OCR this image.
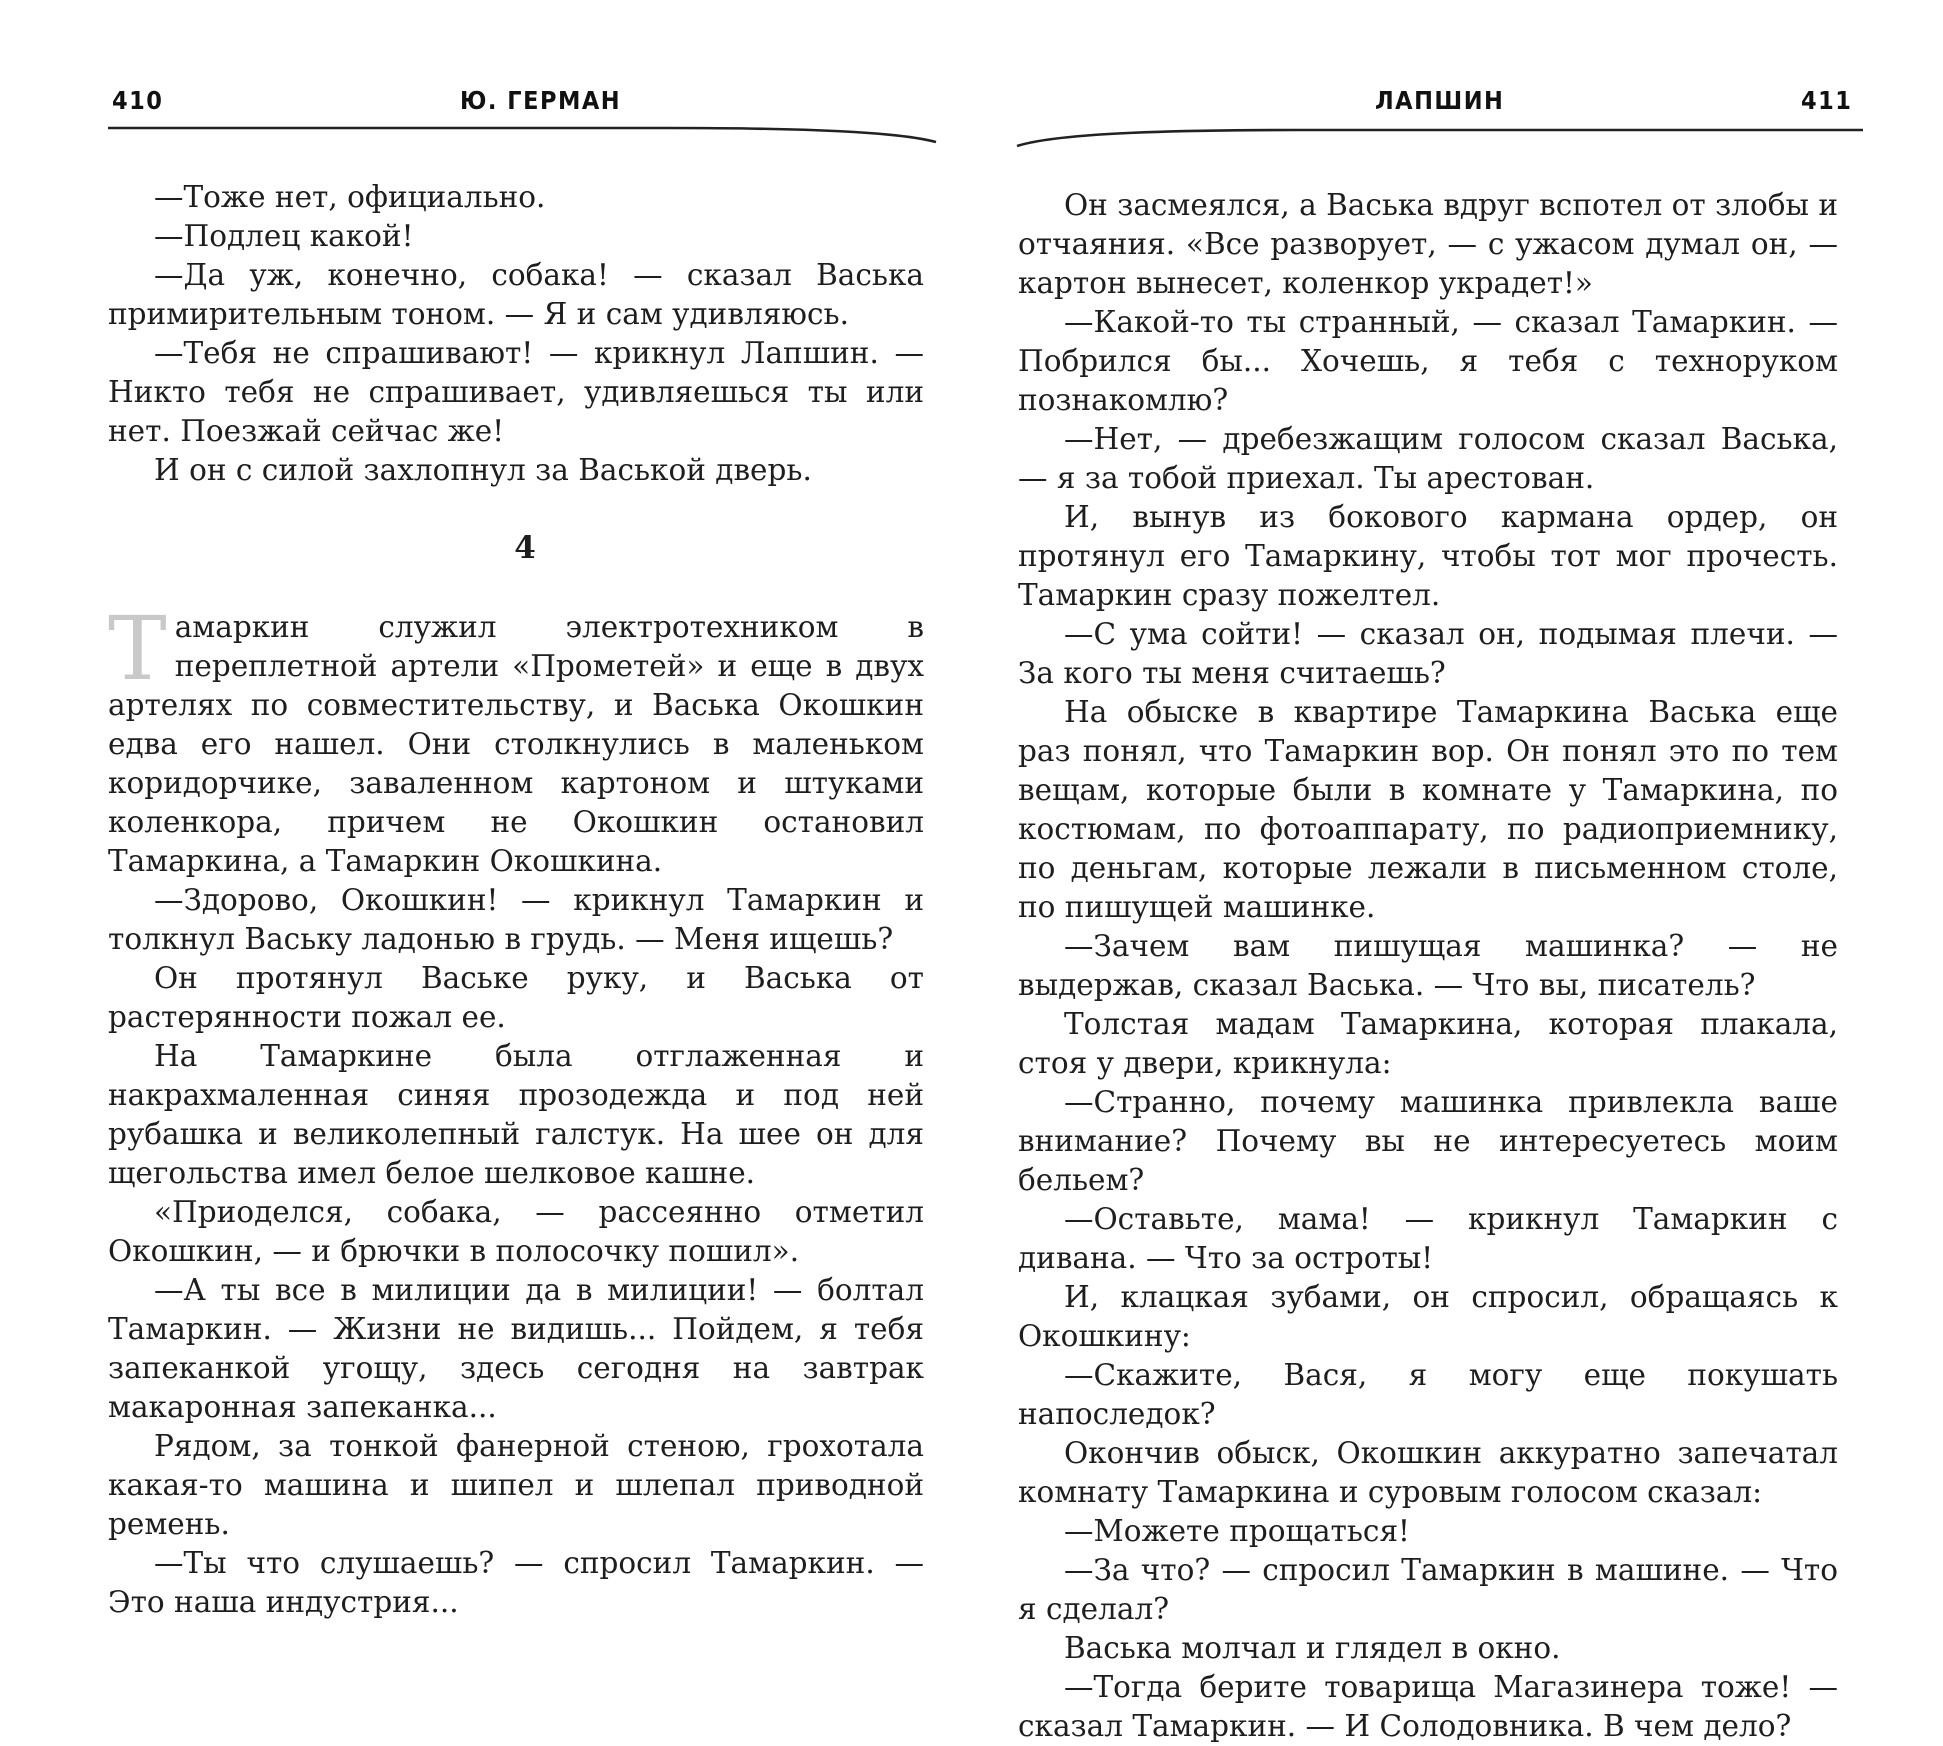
410	Ю. ГЕРМАН

—Тоже нет, официально.

—Подлец какой!

—Да уж, конечно, собака! — сказал Васька примирительным тоном. — Я и сам удивляюсь.

—Тебя не спрашивают! — крикнул Лапшин. — Никто тебя не спрашивает, удивляешься ты или нет. Поезжай сейчас же!

И он с силой захлопнул за Васькой дверь.

4

Тамаркин служил электротехником в переплетной артели «Прометей» и еще в двух артелях по совместительству, и Васька Окошкин едва его нашел. Они столкнулись в маленьком коридорчике, заваленном картоном и штуками коленкора, причем не Окошкин остановил Тамаркина, а Тамаркин Окошкина.

—Здорово, Окошкин! — крикнул Тамаркин и толкнул Ваську ладонью в грудь. — Меня ищешь?

Он протянул Ваське руку, и Васька от растерянности пожал ее.

На Тамаркине была отглаженная и накрахмаленная синяя прозодежда и под ней рубашка и великолепный галстук. На шее он для щегольства имел белое шелковое кашне.

«Приоделся, собака, — рассеянно отметил Окошкин, — и брючки в полосочку пошил».

—А ты все в милиции да в милиции! — болтал Тамаркин. — Жизни не видишь... Пойдем, я тебя запеканкой угощу, здесь сегодня на завтрак макаронная запеканка...

Рядом, за тонкой фанерной стеною, грохотала какая-то машина и шипел и шлепал приводной ремень.

—Ты что слушаешь? — спросил Тамаркин. — Это наша индустрия...

ЛАПШИН	411

Он засмеялся, а Васька вдруг вспотел от злобы и отчаяния. «Все разворует, — с ужасом думал он, — картон вынесет, коленкор украдет!»

—Какой-то ты странный, — сказал Тамаркин. — Побрился бы... Хочешь, я тебя с техноруком познакомлю?

—Нет, — дребезжащим голосом сказал Васька, — я за тобой приехал. Ты арестован.

И, вынув из бокового кармана ордер, он протянул его Тамаркину, чтобы тот мог прочесть. Тамаркин сразу пожелтел.

—С ума сойти! — сказал он, подымая плечи. — За кого ты меня считаешь?

На обыске в квартире Тамаркина Васька еще раз понял, что Тамаркин вор. Он понял это по тем вещам, которые были в комнате у Тамаркина, по костюмам, по фотоаппарату, по радиоприемнику, по деньгам, которые лежали в письменном столе, по пишущей машинке.

—Зачем вам пишущая машинка? — не выдержав, сказал Васька. — Что вы, писатель?

Толстая мадам Тамаркина, которая плакала, стоя у двери, крикнула:

—Странно, почему машинка привлекла ваше внимание? Почему вы не интересуетесь моим бельем?

—Оставьте, мама! — крикнул Тамаркин с дивана. — Что за остроты!

И, клацкая зубами, он спросил, обращаясь к Окошкину:

—Скажите, Вася, я могу еще покушать напоследок?

Окончив обыск, Окошкин аккуратно запечатал комнату Тамаркина и суровым голосом сказал:

—Можете прощаться!

—За что? — спросил Тамаркин в машине. — Что я сделал?

Васька молчал и глядел в окно.

—Тогда берите товарища Магазинера тоже! — сказал Тамаркин. — И Солодовника. В чем дело?
